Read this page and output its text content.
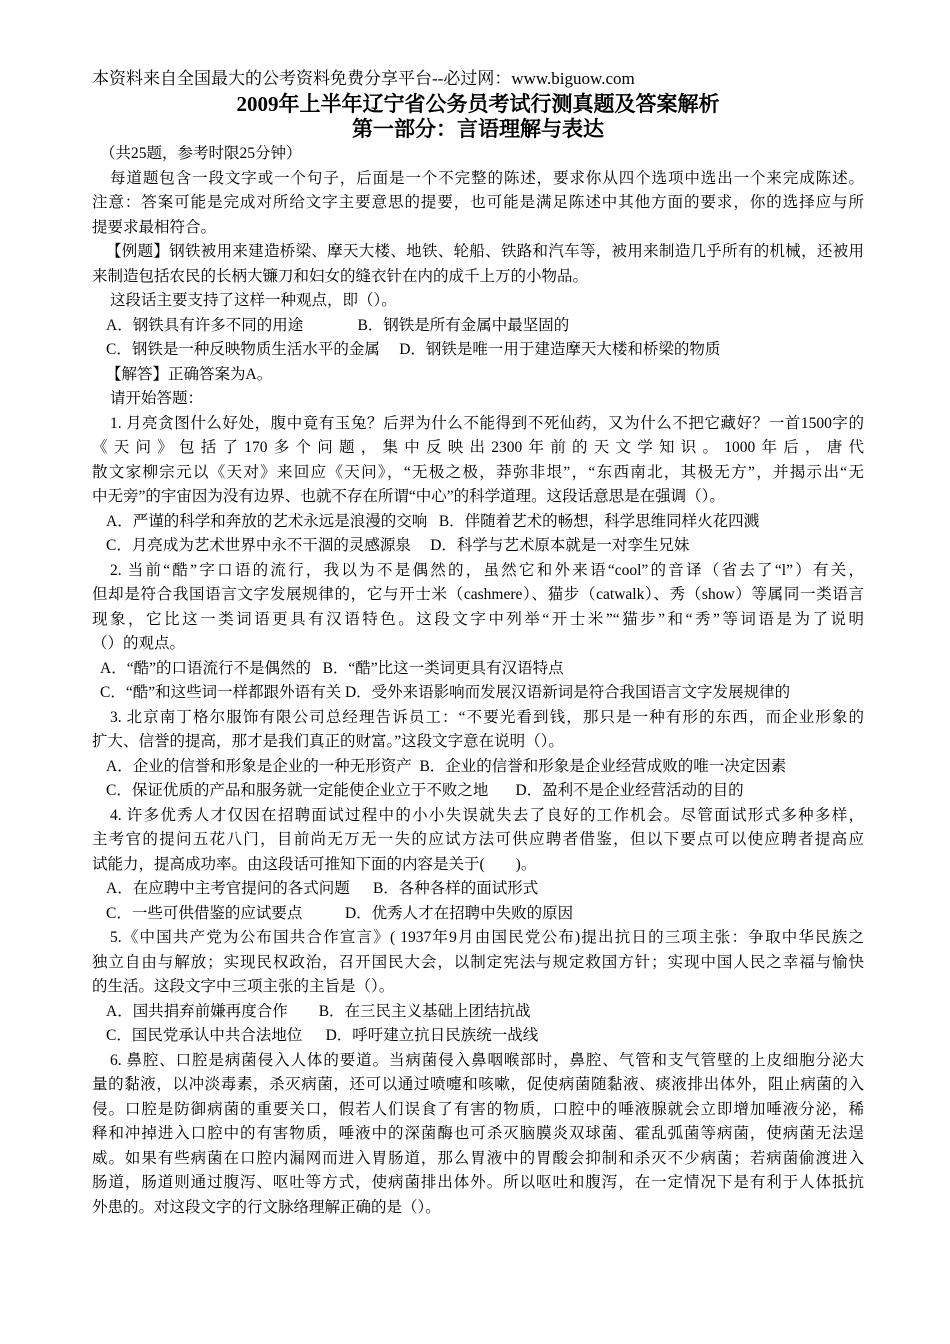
本资料来自全国最大的公考资料免费分享平台--必过网：www.biguow.com
2009年上半年辽宁省公务员考试行测真题及答案解析
第一部分：言语理解与表达
（共25题，参考时限25分钟）
每道题包含一段文字或一个句子，后面是一个不完整的陈述，要求你从四个选项中选出一个来完成陈述。
注意：答案可能是完成对所给文字主要意思的提要，也可能是满足陈述中其他方面的要求，你的选择应与所
提要求最相符合。
【例题】钢铁被用来建造桥梁、摩天大楼、地铁、轮船、铁路和汽车等，被用来制造几乎所有的机械，还被用
来制造包括农民的长柄大镰刀和妇女的缝衣针在内的成千上万的小物品。
这段话主要支持了这样一种观点，即（）。
A．钢铁具有许多不同的用途              B．钢铁是所有金属中最坚固的
C．钢铁是一种反映物质生活水平的金属     D．钢铁是唯一用于建造摩天大楼和桥梁的物质
【解答】正确答案为A。
请开始答题：
1. 月亮贪图什么好处，腹中竟有玉兔？后羿为什么不能得到不死仙药，又为什么不把它藏好？一首1500字的
《天问》包括了170多个问题，集中反映出2300年前的天文学知识。1000年后，唐代
散文家柳宗元以《天对》来回应《天问》，“无极之极，莽弥非垠”，“东西南北，其极无方”，并揭示出“无
中无旁”的宇宙因为没有边界、也就不存在所谓“中心”的科学道理。这段话意思是在强调（）。
A．严谨的科学和奔放的艺术永远是浪漫的交响   B．伴随着艺术的畅想，科学思维同样火花四溅
C．月亮成为艺术世界中永不干涸的灵感源泉     D．科学与艺术原本就是一对孪生兄妹
2. 当前“酷”字口语的流行，我以为不是偶然的，虽然它和外来语“cool”的音译（省去了“l”）有关，
但却是符合我国语言文字发展规律的，它与开士米（cashmere）、猫步（catwalk）、秀（show）等属同一类语言
现象，它比这一类词语更具有汉语特色。这段文字中列举“开士米”“猫步”和“秀”等词语是为了说明
（）的观点。
A．“酷”的口语流行不是偶然的   B．“酷”比这一类词更具有汉语特点
C．“酷”和这些词一样都跟外语有关 D．受外来语影响而发展汉语新词是符合我国语言文字发展规律的
3. 北京南丁格尔服饰有限公司总经理告诉员工：“不要光看到钱，那只是一种有形的东西，而企业形象的
扩大、信誉的提高，那才是我们真正的财富。”这段文字意在说明（）。
A．企业的信誉和形象是企业的一种无形资产  B．企业的信誉和形象是企业经营成败的唯一决定因素
C．保证优质的产品和服务就一定能使企业立于不败之地       D．盈利不是企业经营活动的目的
4. 许多优秀人才仅因在招聘面试过程中的小小失误就失去了良好的工作机会。尽管面试形式多种多样，
主考官的提问五花八门，目前尚无万无一失的应试方法可供应聘者借鉴，但以下要点可以使应聘者提高应
试能力，提高成功率。由这段话可推知下面的内容是关于(        )。
A．在应聘中主考官提问的各式问题      B．各种各样的面试形式
C．一些可供借鉴的应试要点           D．优秀人才在招聘中失败的原因
5.《中国共产党为公布国共合作宣言》( 1937年9月由国民党公布)提出抗日的三项主张：争取中华民族之
独立自由与解放；实现民权政治，召开国民大会，以制定宪法与规定救国方针；实现中国人民之幸福与愉快
的生活。这段文字中三项主张的主旨是（）。
A．国共捐弃前嫌再度合作        B．在三民主义基础上团结抗战
C．国民党承认中共合法地位      D．呼吁建立抗日民族统一战线
6. 鼻腔、口腔是病菌侵入人体的要道。当病菌侵入鼻咽喉部时，鼻腔、气管和支气管壁的上皮细胞分泌大
量的黏液，以冲淡毒素，杀灭病菌，还可以通过喷嚏和咳嗽，促使病菌随黏液、痰液排出体外，阻止病菌的入
侵。口腔是防御病菌的重要关口，假若人们误食了有害的物质，口腔中的唾液腺就会立即增加唾液分泌，稀
释和冲掉进入口腔中的有害物质，唾液中的深菌酶也可杀灭脑膜炎双球菌、霍乱弧菌等病菌，使病菌无法逞
威。如果有些病菌在口腔内漏网而进入胃肠道，那么胃液中的胃酸会抑制和杀灭不少病菌；若病菌偷渡进入
肠道，肠道则通过腹泻、呕吐等方式，使病菌排出体外。所以呕吐和腹泻，在一定情况下是有利于人体抵抗
外患的。对这段文字的行文脉络理解正确的是（）。
